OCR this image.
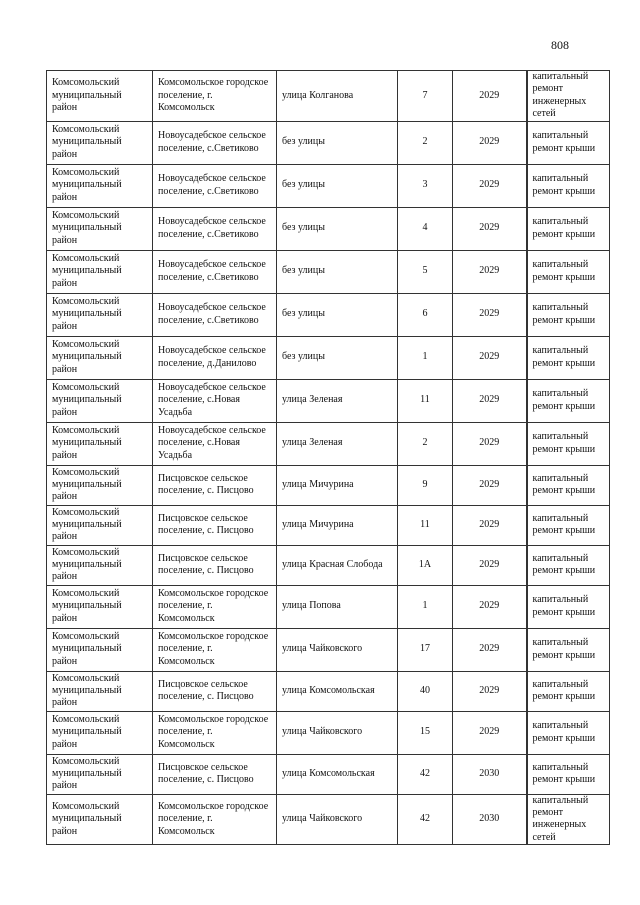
808
Комсомольский муниципальный район	Комсомольское городское поселение, г. Комсомольск	улица Колганова	7	2029	капитальный ремонт инженерных сетей
Комсомольский муниципальный район	Новоусадебское сельское поселение, с.Светиково	без улицы	2	2029	капитальный ремонт крыши
Комсомольский муниципальный район	Новоусадебское сельское поселение, с.Светиково	без улицы	3	2029	капитальный ремонт крыши
Комсомольский муниципальный район	Новоусадебское сельское поселение, с.Светиково	без улицы	4	2029	капитальный ремонт крыши
Комсомольский муниципальный район	Новоусадебское сельское поселение, с.Светиково	без улицы	5	2029	капитальный ремонт крыши
Комсомольский муниципальный район	Новоусадебское сельское поселение, с.Светиково	без улицы	6	2029	капитальный ремонт крыши
Комсомольский муниципальный район	Новоусадебское сельское поселение, д.Данилово	без улицы	1	2029	капитальный ремонт крыши
Комсомольский муниципальный район	Новоусадебское сельское поселение, с.Новая Усадьба	улица Зеленая	11	2029	капитальный ремонт крыши
Комсомольский муниципальный район	Новоусадебское сельское поселение, с.Новая Усадьба	улица Зеленая	2	2029	капитальный ремонт крыши
Комсомольский муниципальный район	Писцовское сельское поселение, с. Писцово	улица Мичурина	9	2029	капитальный ремонт крыши
Комсомольский муниципальный район	Писцовское сельское поселение, с. Писцово	улица Мичурина	11	2029	капитальный ремонт крыши
Комсомольский муниципальный район	Писцовское сельское поселение, с. Писцово	улица Красная Слобода	1А	2029	капитальный ремонт крыши
Комсомольский муниципальный район	Комсомольское городское поселение, г. Комсомольск	улица Попова	1	2029	капитальный ремонт крыши
Комсомольский муниципальный район	Комсомольское городское поселение, г. Комсомольск	улица Чайковского	17	2029	капитальный ремонт крыши
Комсомольский муниципальный район	Писцовское сельское поселение, с. Писцово	улица Комсомольская	40	2029	капитальный ремонт крыши
Комсомольский муниципальный район	Комсомольское городское поселение, г. Комсомольск	улица Чайковского	15	2029	капитальный ремонт крыши
Комсомольский муниципальный район	Писцовское сельское поселение, с. Писцово	улица Комсомольская	42	2030	капитальный ремонт крыши
Комсомольский муниципальный район	Комсомольское городское поселение, г. Комсомольск	улица Чайковского	42	2030	капитальный ремонт инженерных сетей
